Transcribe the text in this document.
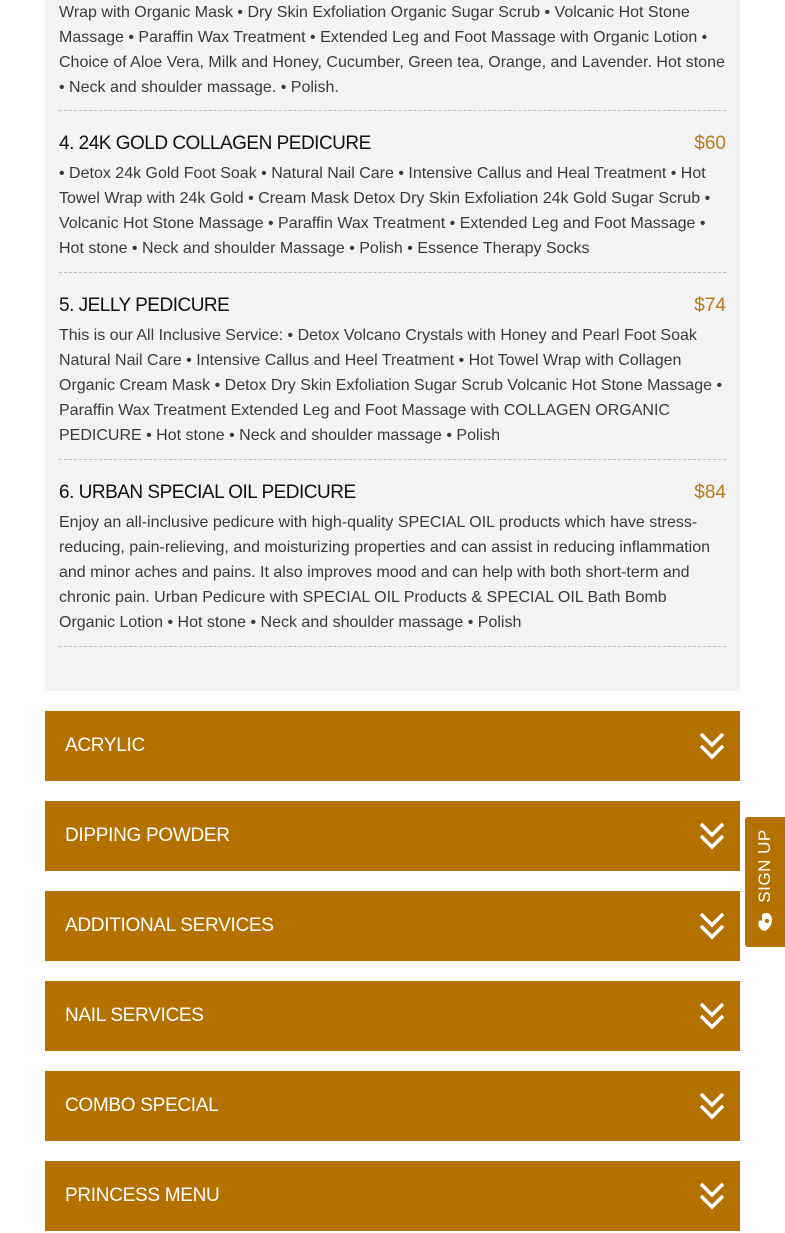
Wrap with Organic Mask • Dry Skin Exfoliation Organic Sugar Scrub • Volcanic Hot Stone Massage • Paraffin Wax Treatment • Extended Leg and Foot Massage with Organic Lotion • Choice of Aloe Vera, Milk and Honey, Cucumber, Green tea, Orange, and Lavender. Hot stone • Neck and shoulder massage. • Polish.

4. 24K GOLD COLLAGEN PEDICURE	$60

• Detox 24k Gold Foot Soak • Natural Nail Care • Intensive Callus and Heal Treatment • Hot Towel Wrap with 24k Gold • Cream Mask Detox Dry Skin Exfoliation 24k Gold Sugar Scrub • Volcanic Hot Stone Massage • Paraffin Wax Treatment • Extended Leg and Foot Massage • Hot stone • Neck and shoulder Massage • Polish • Essence Therapy Socks

5. JELLY PEDICURE	$74

This is our All Inclusive Service: • Detox Volcano Crystals with Honey and Pearl Foot Soak Natural Nail Care • Intensive Callus and Heel Treatment • Hot Towel Wrap with Collagen Organic Cream Mask • Detox Dry Skin Exfoliation Sugar Scrub Volcanic Hot Stone Massage • Paraffin Wax Treatment Extended Leg and Foot Massage with COLLAGEN ORGANIC PEDICURE • Hot stone • Neck and shoulder massage • Polish

6. URBAN SPECIAL OIL PEDICURE	$84

Enjoy an all-inclusive pedicure with high-quality SPECIAL OIL products which have stress-reducing, pain-relieving, and moisturizing properties and can assist in reducing inflammation and minor aches and pains. It also improves mood and can help with both short-term and chronic pain. Urban Pedicure with SPECIAL OIL Products & SPECIAL OIL Bath Bomb Organic Lotion • Hot stone • Neck and shoulder massage • Polish

ACRYLIC
DIPPING POWDER
ADDITIONAL SERVICES
NAIL SERVICES
COMBO SPECIAL
PRINCESS MENU
SIGN UP
